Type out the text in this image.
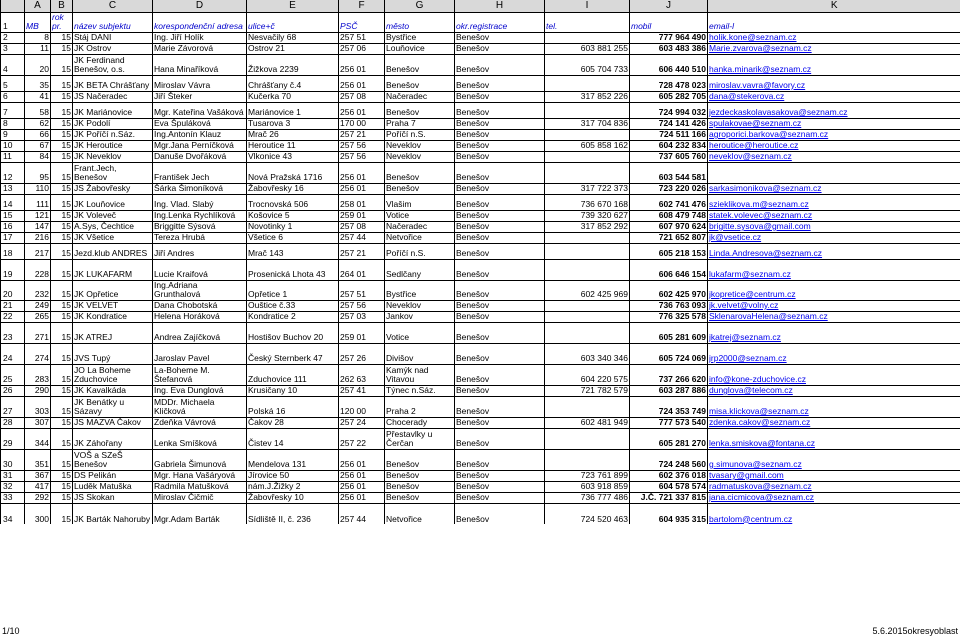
	A	B	C	D	E	F	G	H	I	J	K
1	MB	rok pr.	název subjektu	korespondenční adresa	ulice+č	PSČ	město	okr.registrace	tel.	mobil	email-l
2	8	15	Stáj DANI	Ing. Jiří Holík	Nesvačily 68	257 51	Bystřice	Benešov		777 964 490	holik.kone@seznam.cz
3	11	15	JK Ostrov	Marie Závorová	Ostrov 21	257 06	Louňovice	Benešov	603 881 255	603 483 386	Marie.zvarova@seznam.cz
4	20	15	JK Ferdinand Benešov, o.s.	Hana Minaříková	Žižkova 2239	256 01	Benešov	Benešov	605 704 733	606 440 510	hanka.minarik@seznam.cz
5	35	15	JK BETA Chrášťany	Miroslav Vávra	Chrášťany č.4	256 01	Benešov	Benešov		728 478 023	miroslav.vavra@favory.cz
6	41	15	JS Načeradec	Jiří Šteker	Kučerka 70	257 08	Načeradec	Benešov	317 852 226	605 282 705	dana@stekerova.cz
7	58	15	JK Mariánovice	Mgr. Kateřina Vašáková	Mariánovice 1	256 01	Benešov	Benešov		724 994 032	jezdeckaskolavasakova@seznam.cz
8	62	15	JK Podolí	Eva Špuláková	Tusarova 3	170 00	Praha 7	Benešov	317 704 836	724 141 426	spulakovae@seznam.cz
9	66	15	JK Poříčí n.Sáz.	Ing.Antonín Klauz	Mrač 26	257 21	Poříčí n.S.	Benešov		724 511 166	agroporici.barkova@seznam.cz
10	67	15	JK Heroutice	Mgr.Jana Perníčková	Heroutice 11	257 56	Neveklov	Benešov	605 858 162	604 232 834	heroutice@heroutice.cz
11	84	15	JK Neveklov	Danuše Dvořáková	Vlkonice 43	257 56	Neveklov	Benešov		737 605 760	neveklov@seznam.cz
12	95	15	Frant.Jech, Benešov	František Jech	Nová Pražská 1716	256 01	Benešov	Benešov		603 544 581	
13	110	15	JS Žabovřesky	Šárka Šimoníková	Žabovřesky 16	256 01	Benešov	Benešov	317 722 373	723 220 026	sarkasimonikova@seznam.cz
14	111	15	JK Louňovice	Ing. Vlad. Slabý	Trocnovská 506	258 01	Vlašim	Benešov	736 670 168	602 741 476	szieklikova.m@seznam.cz
15	121	15	JK Voleveč	Ing.Lenka Rychlíková	Košovice 5	259 01	Votice	Benešov	739 320 627	608 479 748	statek.volevec@seznam.cz
16	147	15	A.Sys, Čechtice	Briggitte Sýsová	Novotinky 1	257 08	Načeradec	Benešov	317 852 292	607 970 624	brigitte.sysova@gmail.com
17	216	15	JK Všetice	Tereza Hrubá	Všetice 6	257 44	Netvořice	Benešov		721 652 807	jk@vsetice.cz
18	217	15	Jezd.klub ANDRES	Jiří Andres	Mrač 143	257 21	Poříčí n.S.	Benešov		605 218 153	Linda.Andresova@seznam.cz
19	228	15	JK LUKAFARM	Lucie Kraifová	Prosenická Lhota 43	264 01	Sedlčany	Benešov		606 646 154	lukafarm@seznam.cz
20	232	15	JK Opřetice	Ing.Adriana Grunthalová	Opřetice 1	257 51	Bystřice	Benešov	602 425 969	602 425 970	jkopretice@centrum.cz
21	249	15	JK VELVET	Dana Chobotská	Ouštice č.33	257 56	Neveklov	Benešov		736 763 093	jk.velvet@volny.cz
22	265	15	JK Kondratice	Helena Horáková	Kondratice 2	257 03	Jankov	Benešov		776 325 578	SklenarovaHelena@seznam.cz
23	271	15	JK ATREJ	Andrea Zajíčková	Hostišov Buchov 20	259 01	Votice	Benešov		605 281 609	jkatrej@seznam.cz
24	274	15	JVS Tupý	Jaroslav Pavel	Český Sternberk 47	257 26	Divišov	Benešov	603 340 346	605 724 069	jrp2000@seznam.cz
25	283	15	JO La Boheme Zduchovice	La-Boheme M. Štefanová	Zduchovice 111	262 63	Kamýk nad Vitavou	Benešov	604 220 575	737 266 620	info@kone-zduchovice.cz
26	290	15	JK Kavalkáda	Ing. Eva Dunglová	Krusičany 10	257 41	Týnec n.Sáz.	Benešov	721 782 579	603 287 886	dunglova@telecom.cz
27	303	15	JK Benátky u Sázavy	MDDr. Michaela Kličková	Polská 16	120 00	Praha 2	Benešov		724 353 749	misa.klickova@seznam.cz
28	307	15	JS MAZVA Čakov	Zdeňka Vávrová	Čakov 28	257 24	Chocerady	Benešov	602 481 949	777 573 540	zdenka.cakov@seznam.cz
29	344	15	JK Záhořany	Lenka Smíšková	Čistev 14	257 22	Přestavlky u Čerčan	Benešov		605 281 270	lenka.smiskova@fontana.cz
30	351	15	VOŠ a SZeŠ Benešov	Gabriela Šimunová	Mendelova 131	256 01	Benešov	Benešov		724 248 560	g.simunova@seznam.cz
31	367	15	DS Pelikán	Mgr. Hana Vašáryová	Jírovice 50	256 01	Benešov	Benešov	723 761 899	602 376 018	tvasary@gmail.com
32	417	15	Luděk Matuška	Radmila Matušková	nám.J.Žižky 2	256 01	Benešov	Benešov	603 918 859	604 578 574	radmatuskova@seznam.cz
33	292	15	JS Skokan	Miroslav Čičmič	Žabovřesky 10	256 01	Benešov	Benešov	736 777 486	J.Č. 721 337 815	jana.cicmicova@seznam.cz
34	300	15	JK Barták Nahoruby	Mgr.Adam Barták	Sídliště II, č. 236	257 44	Netvořice	Benešov	724 520 463	604 935 315	bartolom@centrum.cz
1/10	5.6.2015okresyoblast
